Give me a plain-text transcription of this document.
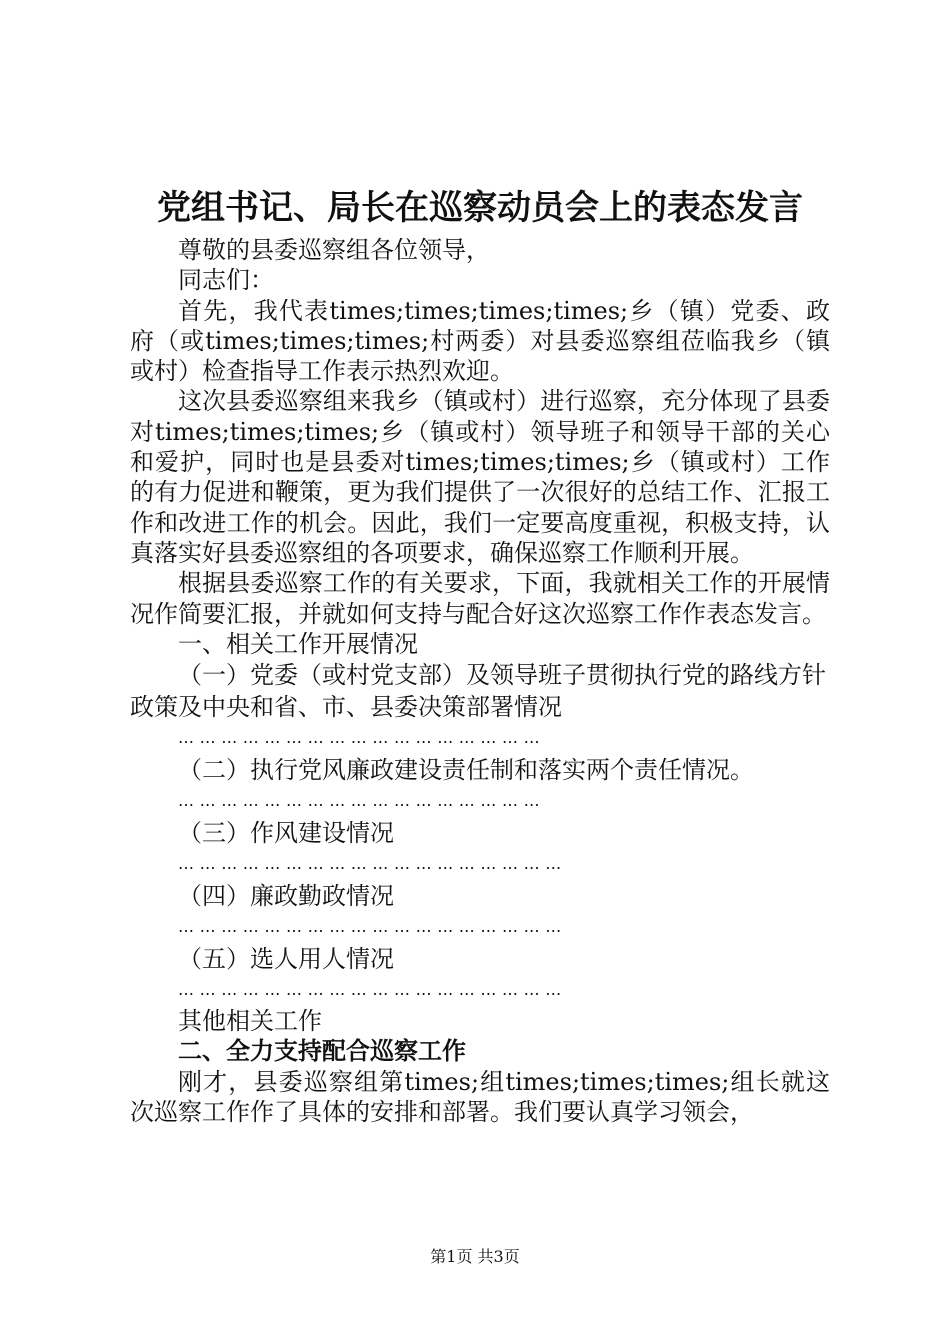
党组书记、局长在巡察动员会上的表态发言

尊敬的县委巡察组各位领导，

同志们：

首先，我代表times;times;times;times;乡（镇）党委、政府（或times;times;times;村两委）对县委巡察组莅临我乡（镇或村）检查指导工作表示热烈欢迎。

这次县委巡察组来我乡（镇或村）进行巡察，充分体现了县委对times;times;times;乡（镇或村）领导班子和领导干部的关心和爱护，同时也是县委对times;times;times;乡（镇或村）工作的有力促进和鞭策，更为我们提供了一次很好的总结工作、汇报工作和改进工作的机会。因此，我们一定要高度重视，积极支持，认真落实好县委巡察组的各项要求，确保巡察工作顺利开展。

根据县委巡察工作的有关要求，下面，我就相关工作的开展情况作简要汇报，并就如何支持与配合好这次巡察工作作表态发言。

一、相关工作开展情况

（一）党委（或村党支部）及领导班子贯彻执行党的路线方针政策及中央和省、市、县委决策部署情况

……………………………………………

（二）执行党风廉政建设责任制和落实两个责任情况。

……………………………………………

（三）作风建设情况

………………………………………………

（四）廉政勤政情况

………………………………………………

（五）选人用人情况

………………………………………………

其他相关工作

二、全力支持配合巡察工作

刚才，县委巡察组第times;组times;times;times;组长就这次巡察工作作了具体的安排和部署。我们要认真学习领会，

第1页 共3页
